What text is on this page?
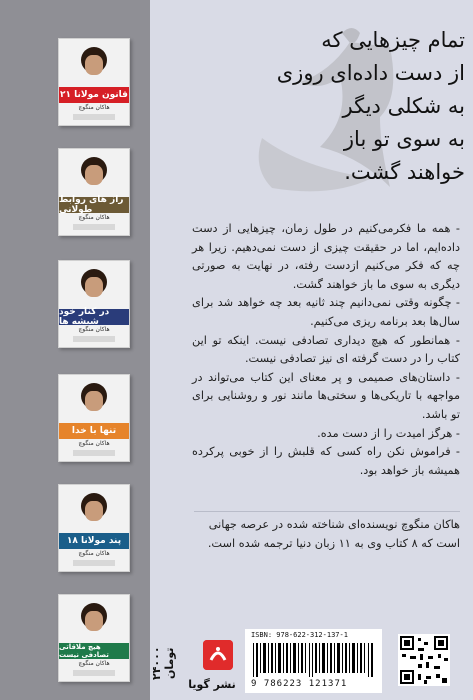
۲۱ قانون مولانا
هاکان منگوچ
راز های روابط طولانی
هاکان منگوچ
در کنار خود شیشه ها
هاکان منگوچ
تنها با خدا
هاکان منگوچ
۱۸ پند مولانا
هاکان منگوچ
هیچ ملاقاتی تصادفی نیست
هاکان منگوچ
تمام چیزهایی که
از دست داده‌ای روزی
به شکلی دیگر
به سوی تو باز
خواهند گشت.

- همه ما فکرمی‌کنیم در طول زمان، چیزهایی از دست داده‌ایم، اما در حقیقت چیزی از دست نمی‌دهیم. زیرا هر چه که فکر می‌کنیم ازدست رفته، در نهایت به صورتی دیگری به سوی ما باز خواهند گشت.

- چگونه وقتی نمی‌دانیم چند ثانیه بعد چه خواهد شد برای سال‌ها بعد برنامه ریزی می‌کنیم.

- همانطور که هیچ دیداری تصادفی نیست. اینکه تو این کتاب را در دست گرفته ای نیز تصادفی نیست.

- داستان‌های صمیمی و پر معنای این کتاب می‌تواند در مواجهه با تاریکی‌ها و سختی‌ها مانند نور و روشنایی برای تو باشد.

- هرگز امیدت را از دست مده.

- فراموش نکن راه کسی که قلبش را از خوبی پرکرده همیشه باز خواهد بود.

هاکان منگوچ نویسنده‌ای شناخته شده در عرصه جهانی است که ۸ کتاب وی به ۱۱ زبان دنیا ترجمه شده است.
۲۴۰۰۰ تومان
نشر گویا
ISBN: 978-622-312-137-1
9 786223 121371
